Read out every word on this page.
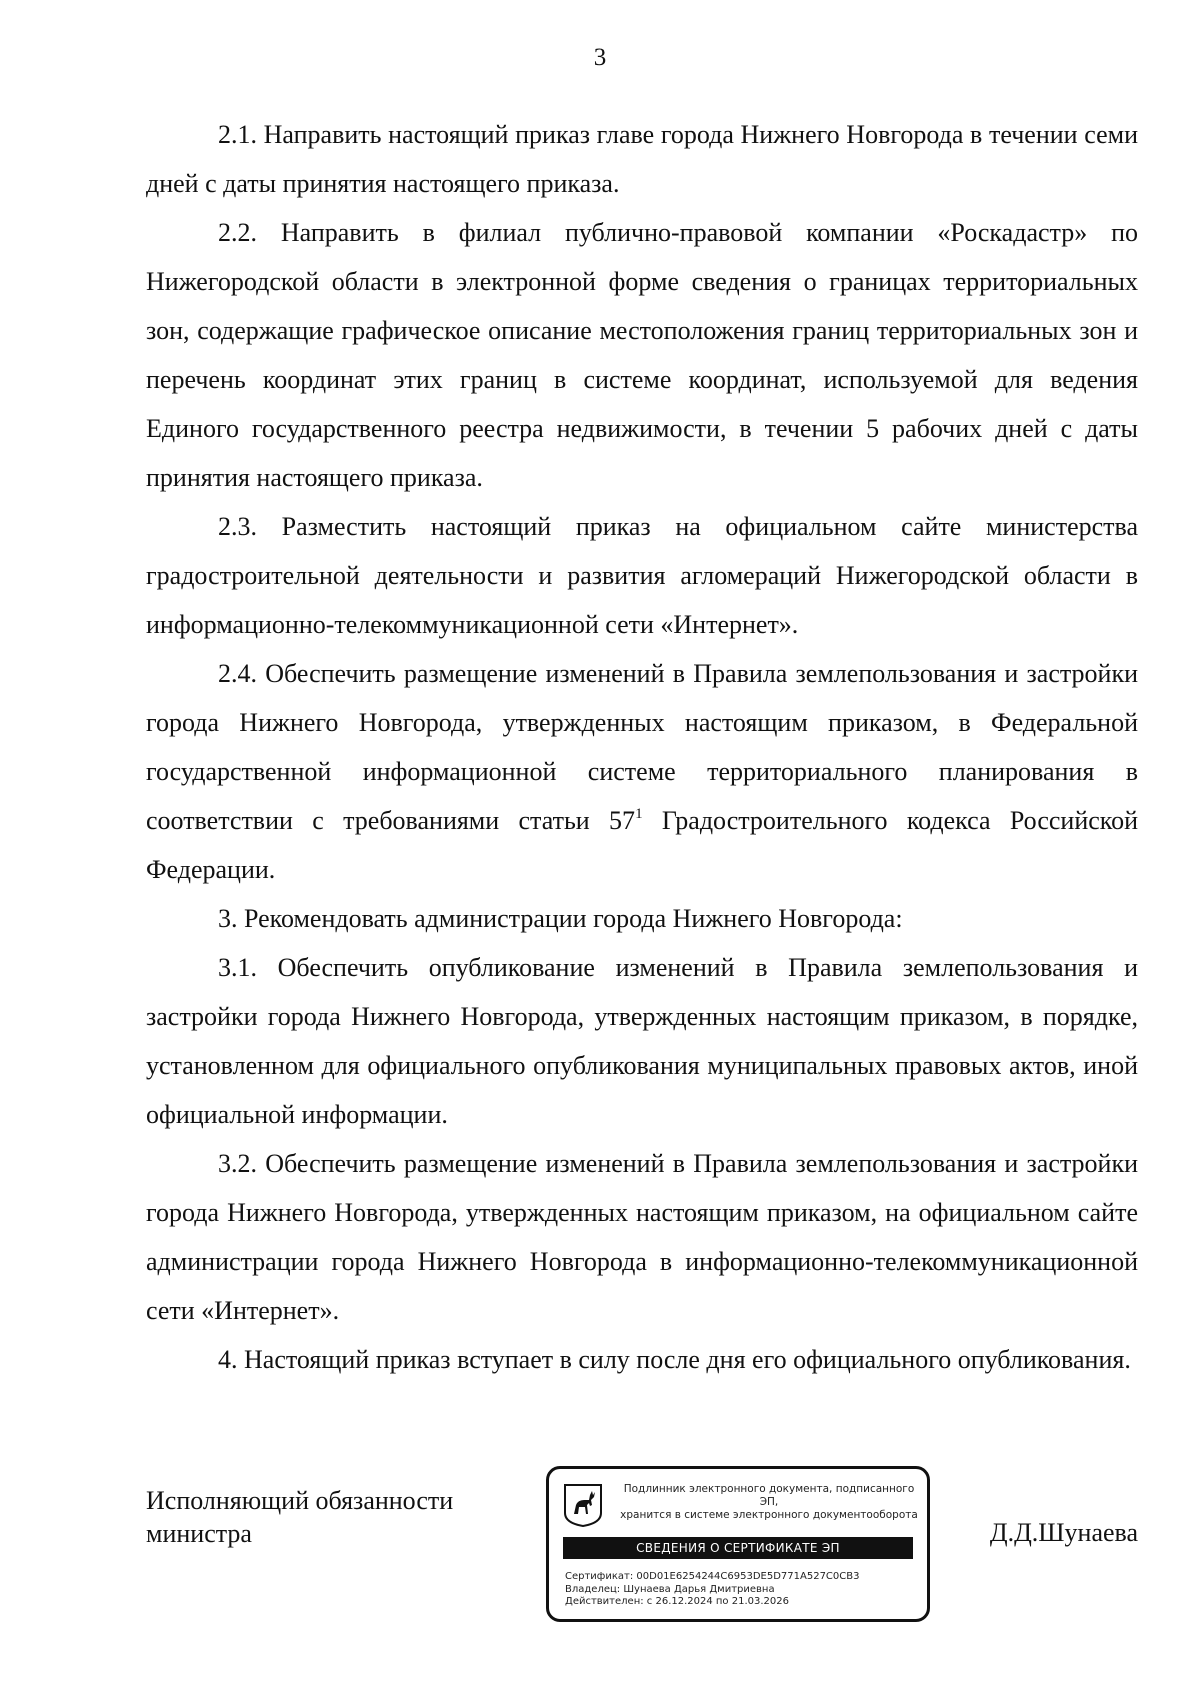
3

2.1. Направить настоящий приказ главе города Нижнего Новгорода в течении семи дней с даты принятия настоящего приказа.

2.2. Направить в филиал публично-правовой компании «Роскадастр» по Нижегородской области в электронной форме сведения о границах территориальных зон, содержащие графическое описание местоположения границ территориальных зон и перечень координат этих границ в системе координат, используемой для ведения Единого государственного реестра недвижимости, в течении 5 рабочих дней с даты принятия настоящего приказа.

2.3. Разместить настоящий приказ на официальном сайте министерства градостроительной деятельности и развития агломераций Нижегородской области в информационно-телекоммуникационной сети «Интернет».

2.4. Обеспечить размещение изменений в Правила землепользования и застройки города Нижнего Новгорода, утвержденных настоящим приказом, в Федеральной государственной информационной системе территориального планирования в соответствии с требованиями статьи $57^1$ Градостроительного кодекса Российской Федерации.

3. Рекомендовать администрации города Нижнего Новгорода:

3.1. Обеспечить опубликование изменений в Правила землепользования и застройки города Нижнего Новгорода, утвержденных настоящим приказом, в порядке, установленном для официального опубликования муниципальных правовых актов, иной официальной информации.

3.2. Обеспечить размещение изменений в Правила землепользования и застройки города Нижнего Новгорода, утвержденных настоящим приказом, на официальном сайте администрации города Нижнего Новгорода в информационно-телекоммуникационной сети «Интернет».

4. Настоящий приказ вступает в силу после дня его официального опубликования.

Исполняющий обязанности
министра
Подлинник электронного документа, подписанного ЭП,
хранится в системе электронного документооборота
СВЕДЕНИЯ О СЕРТИФИКАТЕ ЭП
Сертификат: 00D01E6254244C6953DE5D771A527C0CB3
Владелец: Шунаева Дарья Дмитриевна
Действителен: с 26.12.2024 по 21.03.2026
Д.Д.Шунаева
